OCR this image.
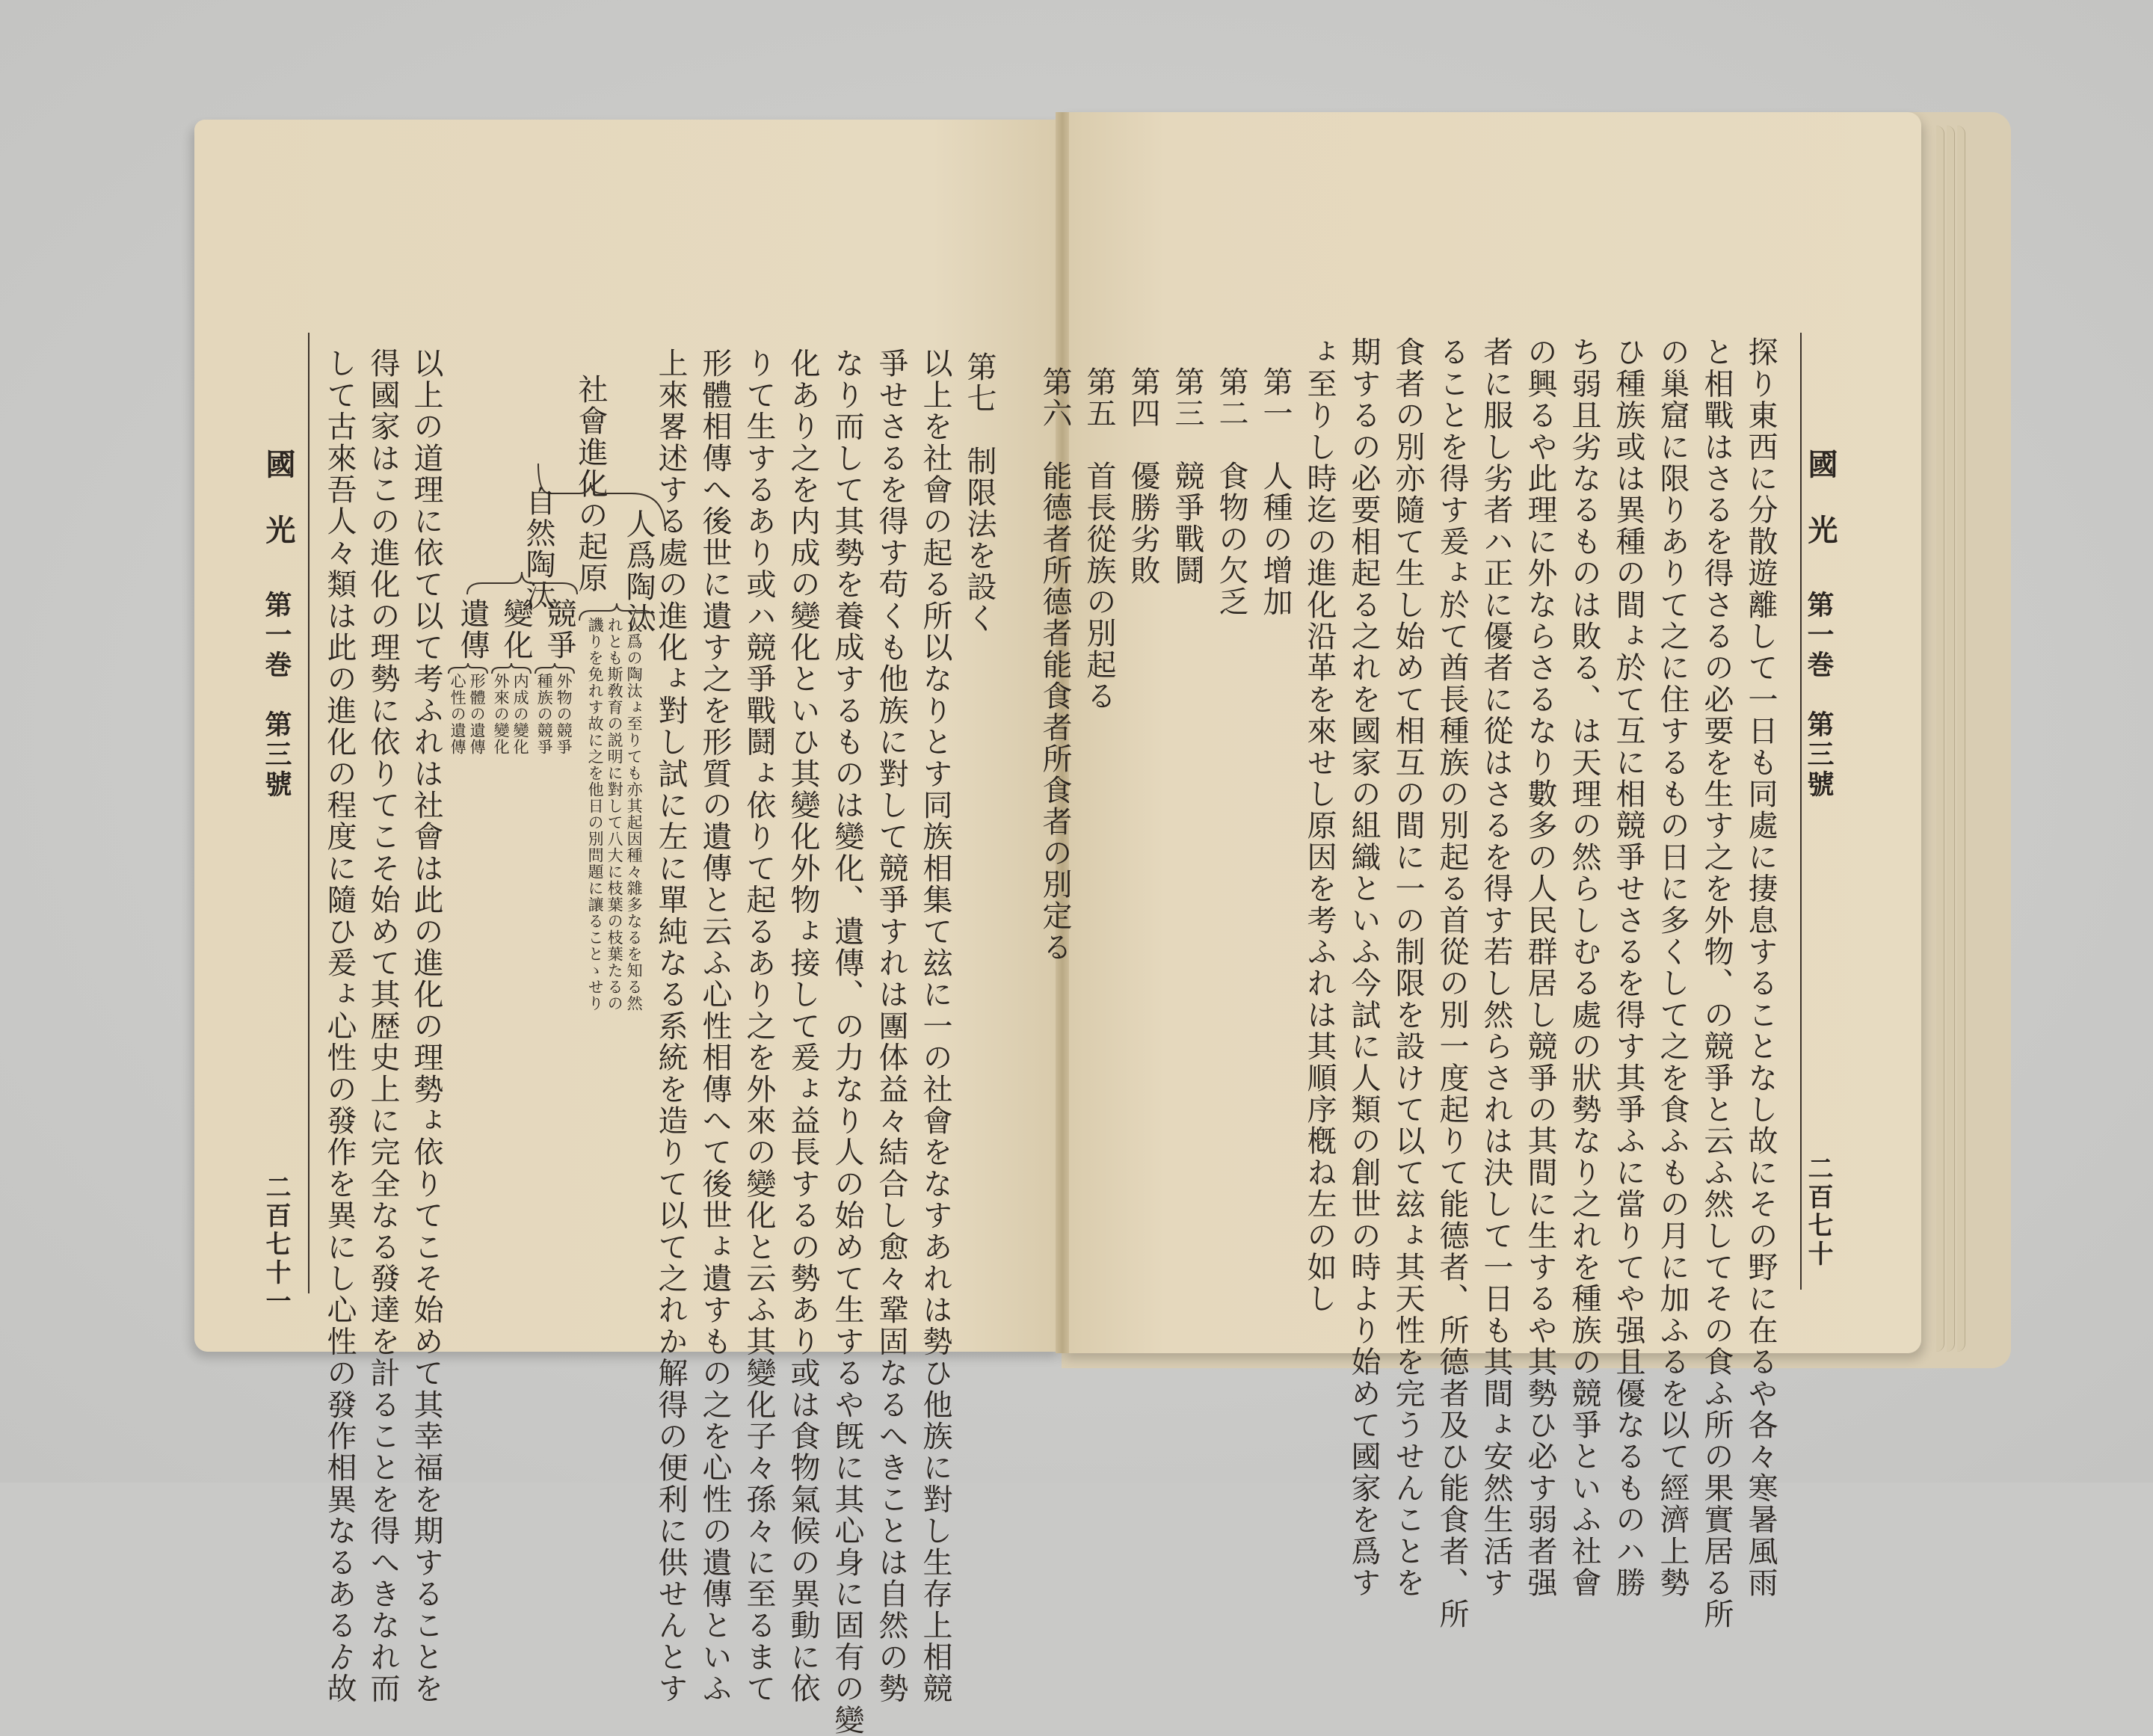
國　光
第一巻　第三號
二百七十
探り東西に分散遊離して一日も同處に捿息することなし故にその野に在るや各々寒暑風雨
と相戰はさるを得さるの必要を生す之を外物、の競爭と云ふ然してその食ふ所の果實居る所
の巢窟に限りありて之に住するもの日に多くして之を食ふもの月に加ふるを以て經濟上勢
ひ種族或は異種の間ょ於て互に相競爭せさるを得す其爭ふに當りてや强且優なるものハ勝
ち弱且劣なるものは敗る、は天理の然らしむる處の狀勢なり之れを種族の競爭といふ社會
の興るや此理に外ならさるなり數多の人民群居し競爭の其間に生するや其勢ひ必す弱者强
者に服し劣者ハ正に優者に從はさるを得す若し然らされは決して一日も其間ょ安然生活す
ることを得す爰ょ於て酋長種族の別起る首從の別一度起りて能德者、所德者及ひ能食者、所
食者の別亦隨て生し始めて相互の間に一の制限を設けて以て玆ょ其天性を完うせんことを
期するの必要相起る之れを國家の組織といふ今試に人類の創世の時より始めて國家を爲す
ょ至りし時迄の進化沿革を來せし原因を考ふれは其順序槪ね左の如し
第一　人種の增加
第二　食物の欠乏
第三　競爭戰鬪
第四　優勝劣敗
第五　首長從族の別起る
第六　能德者所德者能食者所食者の別定る
國　光
第一巻　第三號
二百七十一	以上の道理に依て以て考ふれは社會は此の進化の理勢ょ依りてこそ始めて其幸福を期することを
得國家はこの進化の理勢に依りてこそ始めて其歴史上に完全なる發達を計ることを得へきなれ而	第七　制限法を設く
以上を社會の起る所以なりとす同族相集て玆に一の社會をなすあれは勢ひ他族に對し生存上相競
爭せさるを得す苟くも他族に對して競爭すれは團体益々結合し愈々鞏固なるへきことは自然の勢
なり而して其勢を養成するものは變化、遺傳、の力なり人の始めて生するや旣に其心身に固有の變
化あり之を内成の變化といひ其變化外物ょ接して爰ょ益長するの勢あり或は食物氣候の異動に依
りて生するあり或ハ競爭戰鬪ょ依りて起るあり之を外來の變化と云ふ其變化子々孫々に至るまて
形體相傳へ後世に遺す之を形質の遺傳と云ふ心性相傳へて後世ょ遺すもの之を心性の遺傳といふ
上來畧述する處の進化ょ對し試に左に單純なる系統を造りて以て之れか解得の便利に供せんとす
社會進化の起原 人爲陶汰
自然陶汰
人爲の陶汰ょ至りても亦其起因種々雜多なるを知る然
れとも斯敎育の説明に對して八大に枝葉の枝葉たるの
譏りを免れす故に之を他日の別問題に讓ることゝせり
競爭
外物の競爭
種族の競爭
變化
内成の變化
外來の變化
遺傳
形體の遺傳
心性の遺傳
して古來吾人々類は此の進化の程度に隨ひ爰ょ心性の發作を異にし心性の發作相異なるあるゟ故
